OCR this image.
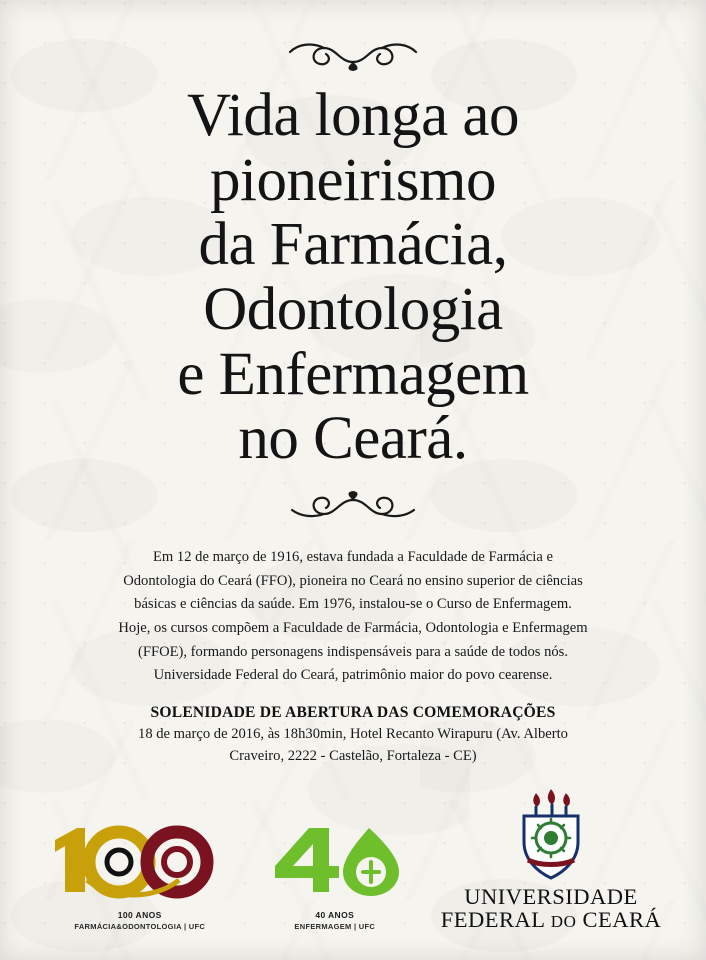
Vida longa ao
pioneirismo
da Farmácia,
Odontologia
e Enfermagem
no Ceará.

Em 12 de março de 1916, estava fundada a Faculdade de Farmácia e Odontologia do Ceará (FFO), pioneira no Ceará no ensino superior de ciências básicas e ciências da saúde. Em 1976, instalou-se o Curso de Enfermagem. Hoje, os cursos compõem a Faculdade de Farmácia, Odontologia e Enfermagem (FFOE), formando personagens indispensáveis para a saúde de todos nós. Universidade Federal do Ceará, patrimônio maior do povo cearense.

SOLENIDADE DE ABERTURA DAS COMEMORAÇÕES

18 de março de 2016, às 18h30min, Hotel Recanto Wirapuru (Av. Alberto Craveiro, 2222 - Castelão, Fortaleza - CE)

100 ANOS
FARMÁCIA&ODONTOLOGIA | UFC
40 ANOS
ENFERMAGEM | UFC
UNIVERSIDADE
FEDERAL DO CEARÁ
